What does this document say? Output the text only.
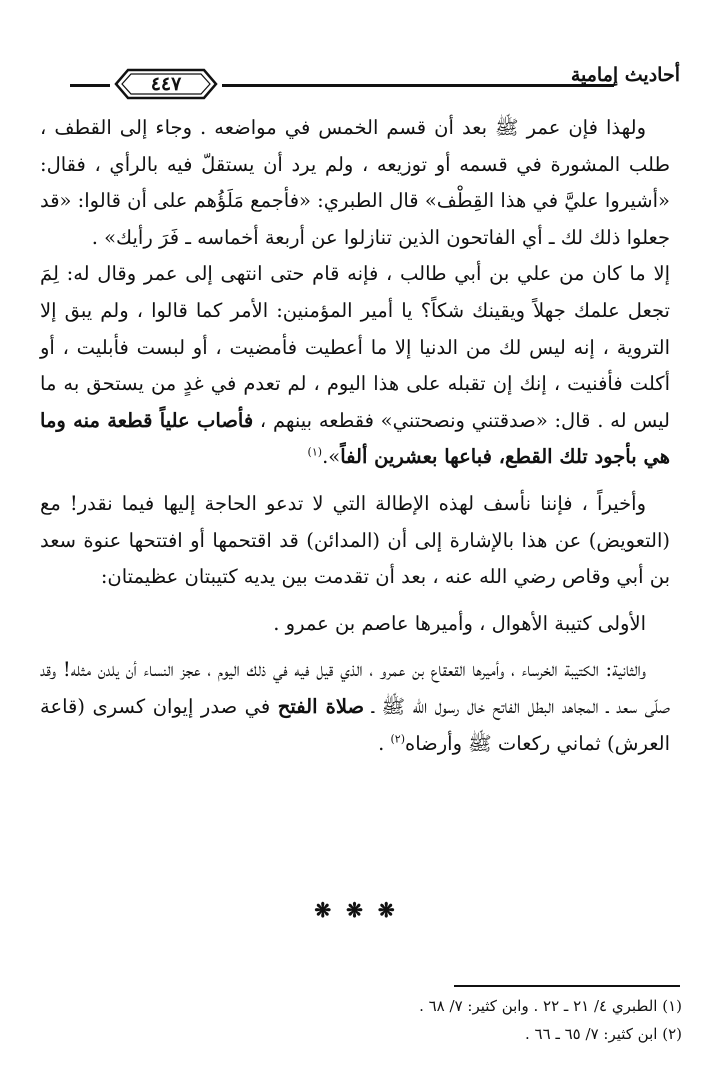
٤٤٧	أحاديث إمامية

ولهذا فإن عمر ﷺ بعد أن قسم الخمس في مواضعه . وجاء إلى القطف ، طلب المشورة في قسمه أو توزيعه ، ولم يرد أن يستقلّ فيه بالرأي ، فقال: «أشيروا عليَّ في هذا القِطْف» قال الطبري: «فأجمع مَلَؤُهم على أن قالوا: «قد جعلوا ذلك لك ـ أي الفاتحون الذين تنازلوا عن أربعة أخماسه ـ فَرَ رأيك» .

إلا ما كان من علي بن أبي طالب ، فإنه قام حتى انتهى إلى عمر وقال له: لِمَ تجعل علمك جهلاً ويقينك شكاً؟ يا أمير المؤمنين: الأمر كما قالوا ، ولم يبق إلا التروية ، إنه ليس لك من الدنيا إلا ما أعطيت فأمضيت ، أو لبست فأبليت ، أو أكلت فأفنيت ، إنك إن تقبله على هذا اليوم ، لم تعدم في غدٍ من يستحق به ما ليس له . قال: «صدقتني ونصحتني» فقطعه بينهم ، فأصاب علياً قطعة منه وما هي بأجود تلك القطع، فباعها بعشرين ألفاً».$^{(١)}$

وأخيراً ، فإننا نأسف لهذه الإطالة التي لا تدعو الحاجة إليها فيما نقدر! مع (التعويض) عن هذا بالإشارة إلى أن (المدائن) قد اقتحمها أو افتتحها عنوة سعد بن أبي وقاص رضي الله عنه ، بعد أن تقدمت بين يديه كتيبتان عظيمتان:

الأولى كتيبة الأهوال ، وأميرها عاصم بن عمرو .

والثانية: الكتيبة الخرساء ، وأميرها القعقاع بن عمرو ، الذي قيل فيه في ذلك اليوم ، عجز النساء أن يلدن مثله! وقد صلّى سعد ـ المجاهد البطل الفاتح خال رسول الله ﷺ ـ صلاة الفتح في صدر إيوان كسرى (قاعة العرش) ثماني ركعات ﷺ وأرضاه$^{(٢)}$ .

❋ ❋ ❋

(١) الطبري ٤/ ٢١ ـ ٢٢ . وابن كثير: ٧/ ٦٨ .

(٢) ابن كثير: ٧/ ٦٥ ـ ٦٦ .
